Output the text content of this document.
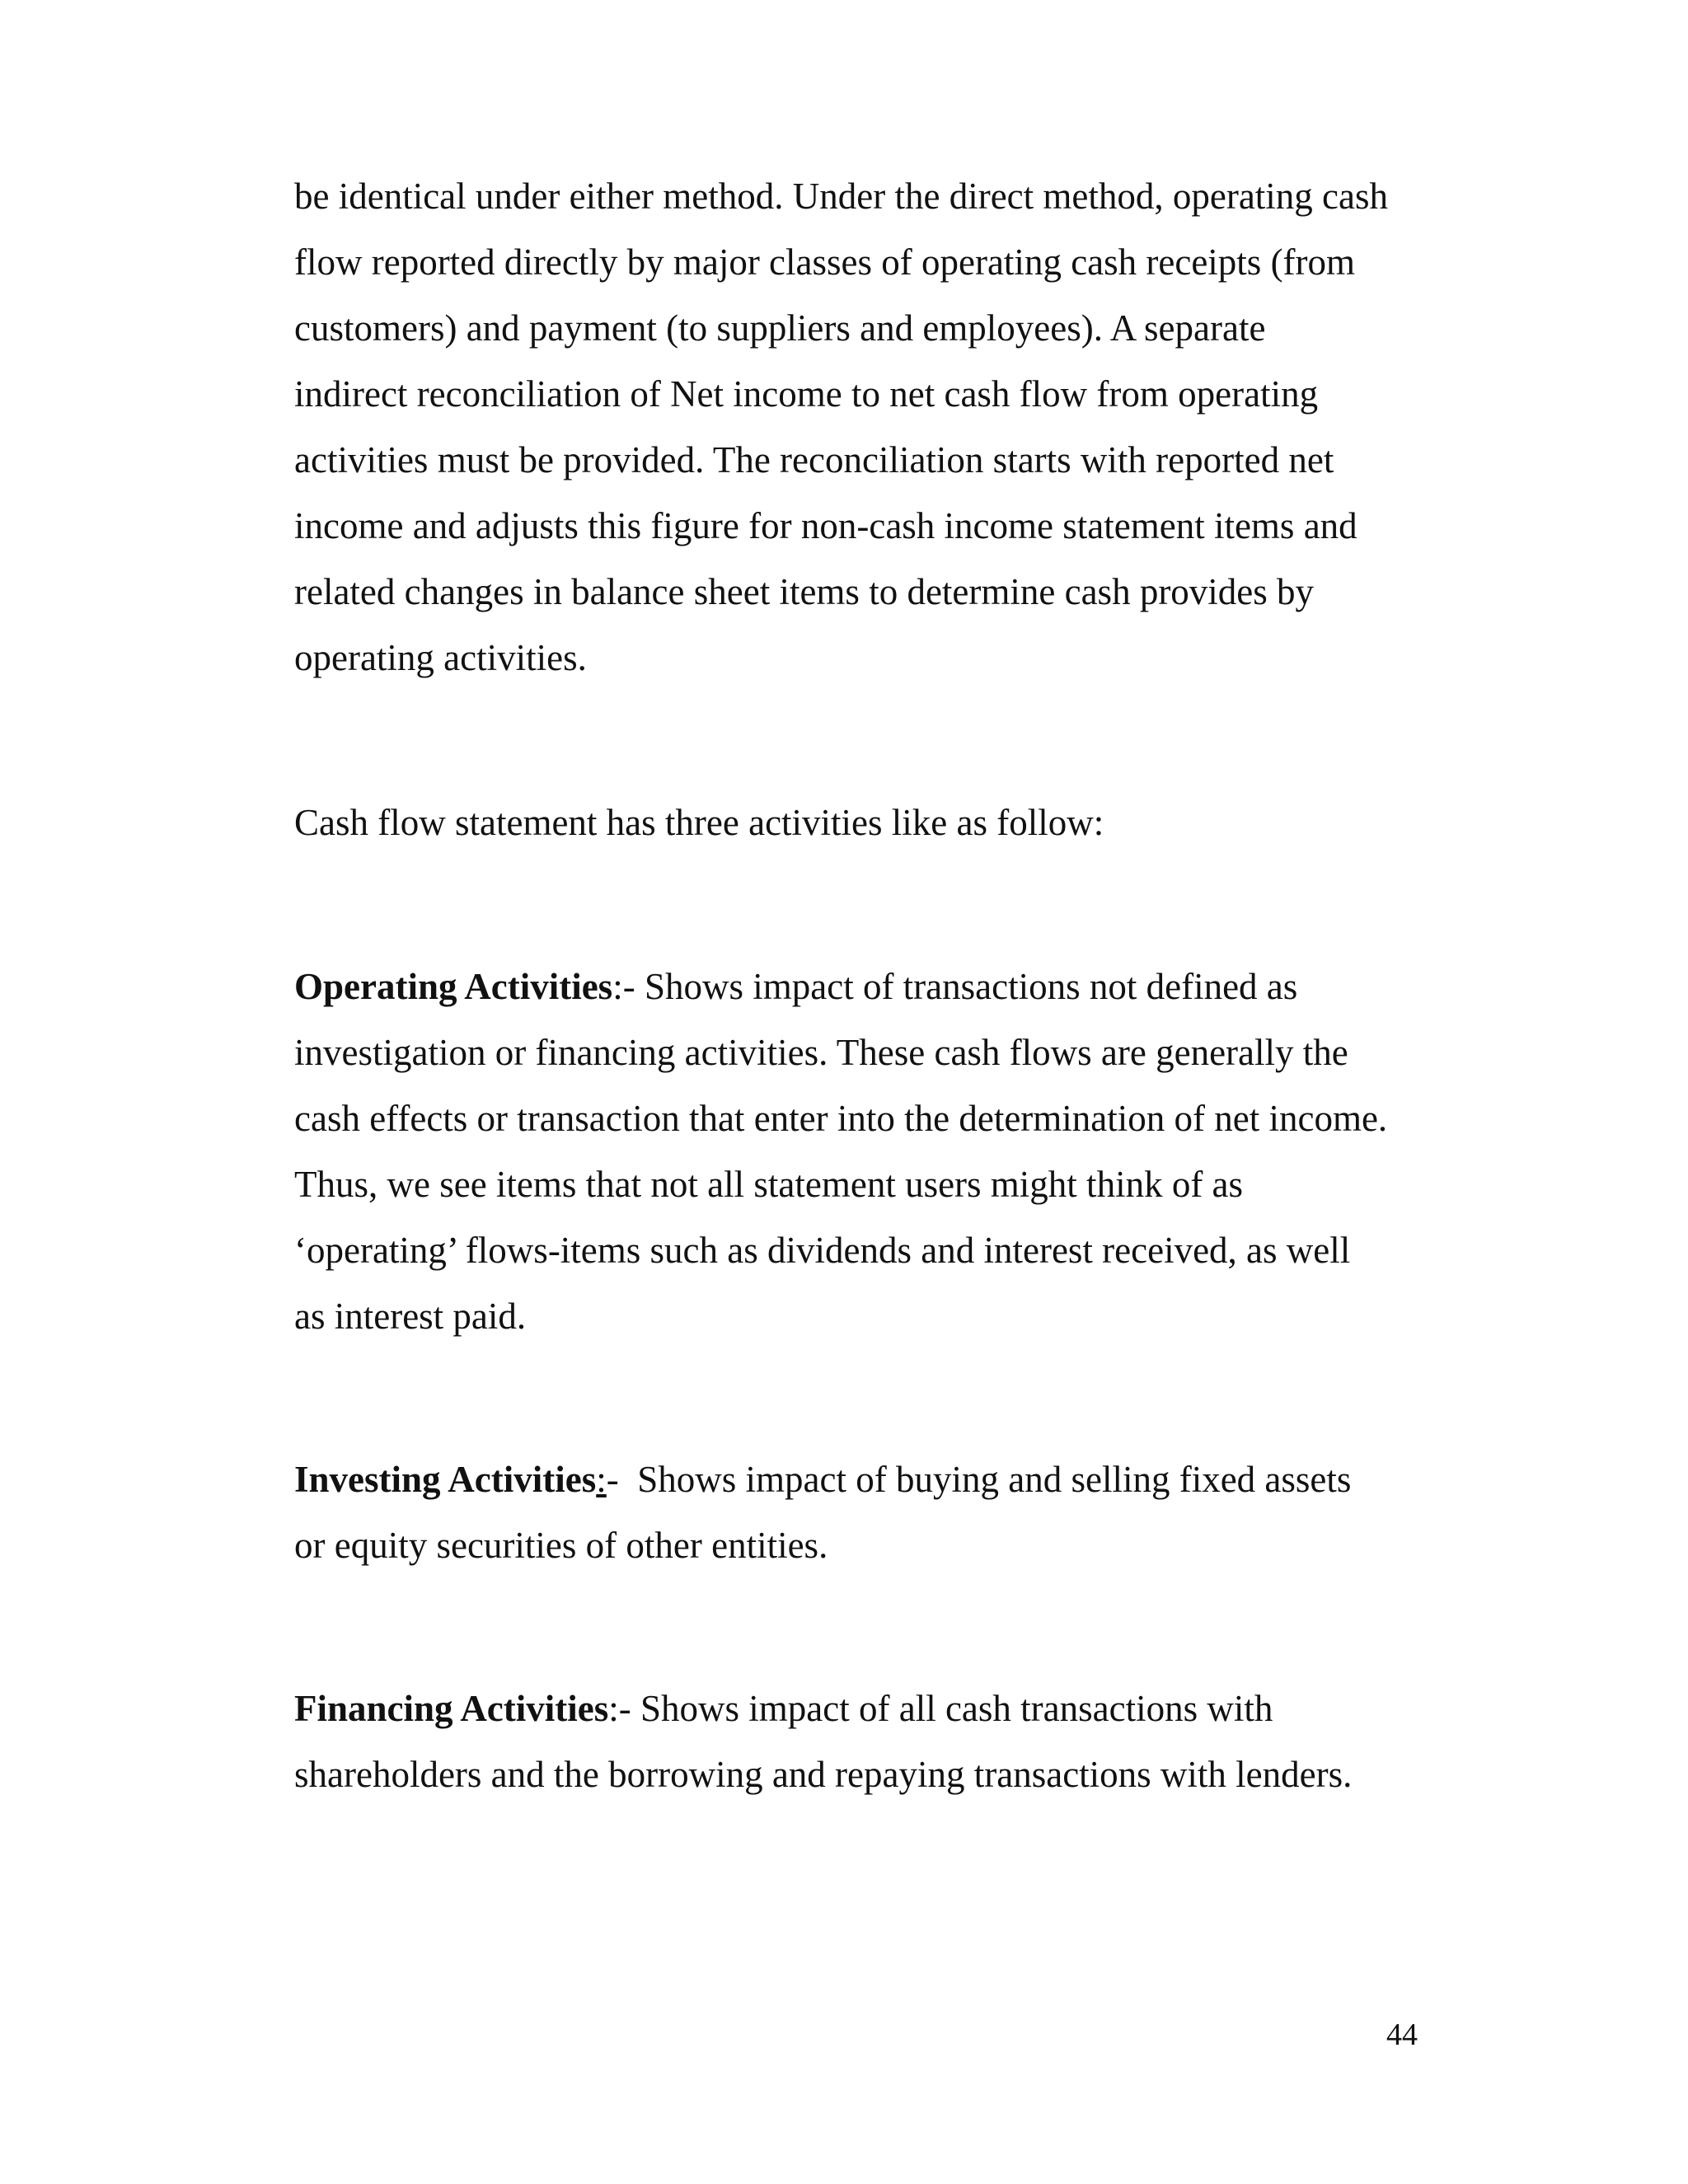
be identical under either method. Under the direct method, operating cash
flow reported directly by major classes of operating cash receipts (from
customers) and payment (to suppliers and employees). A separate
indirect reconciliation of Net income to net cash flow from operating
activities must be provided. The reconciliation starts with reported net
income and adjusts this figure for non-cash income statement items and
related changes in balance sheet items to determine cash provides by
operating activities.

Cash flow statement has three activities like as follow:

Operating Activities:- Shows impact of transactions not defined as
investigation or financing activities. These cash flows are generally the
cash effects or transaction that enter into the determination of net income.
Thus, we see items that not all statement users might think of as
‘operating’ flows-items such as dividends and interest received, as well
as interest paid.

Investing Activities:-  Shows impact of buying and selling fixed assets
or equity securities of other entities.

Financing Activities:- Shows impact of all cash transactions with
shareholders and the borrowing and repaying transactions with lenders.

44
